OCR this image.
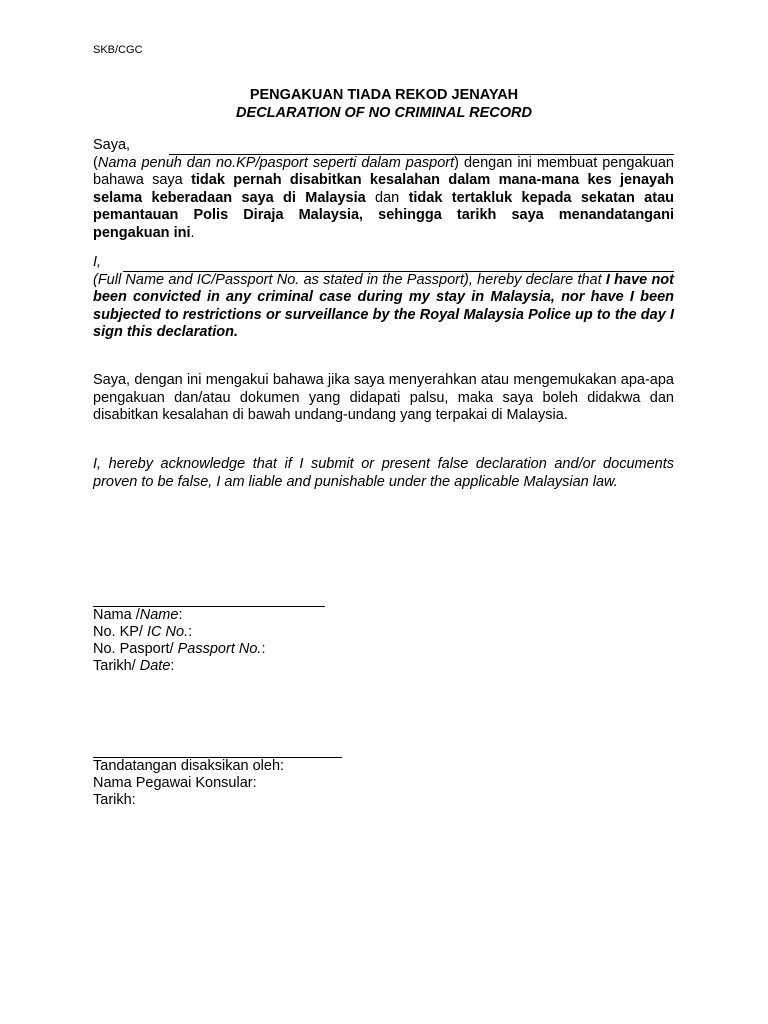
SKB/CGC
PENGAKUAN TIADA REKOD JENAYAH
DECLARATION OF NO CRIMINAL RECORD
Saya,
(Nama penuh dan no.KP/pasport seperti dalam pasport) dengan ini membuat pengakuan bahawa saya tidak pernah disabitkan kesalahan dalam mana-mana kes jenayah selama keberadaan saya di Malaysia dan tidak tertakluk kepada sekatan atau pemantauan Polis Diraja Malaysia, sehingga tarikh saya menandatangani pengakuan ini.
I,
(Full Name and IC/Passport No. as stated in the Passport), hereby declare that I have not been convicted in any criminal case during my stay in Malaysia, nor have I been subjected to restrictions or surveillance by the Royal Malaysia Police up to the day I sign this declaration.
Saya, dengan ini mengakui bahawa jika saya menyerahkan atau mengemukakan apa-apa pengakuan dan/atau dokumen yang didapati palsu, maka saya boleh didakwa dan disabitkan kesalahan di bawah undang-undang yang terpakai di Malaysia.
I, hereby acknowledge that if I submit or present false declaration and/or documents proven to be false, I am liable and punishable under the applicable Malaysian law.
Nama /Name:
No. KP/ IC No.:
No. Pasport/ Passport No.:
Tarikh/ Date:
Tandatangan disaksikan oleh:
Nama Pegawai Konsular:
Tarikh:
